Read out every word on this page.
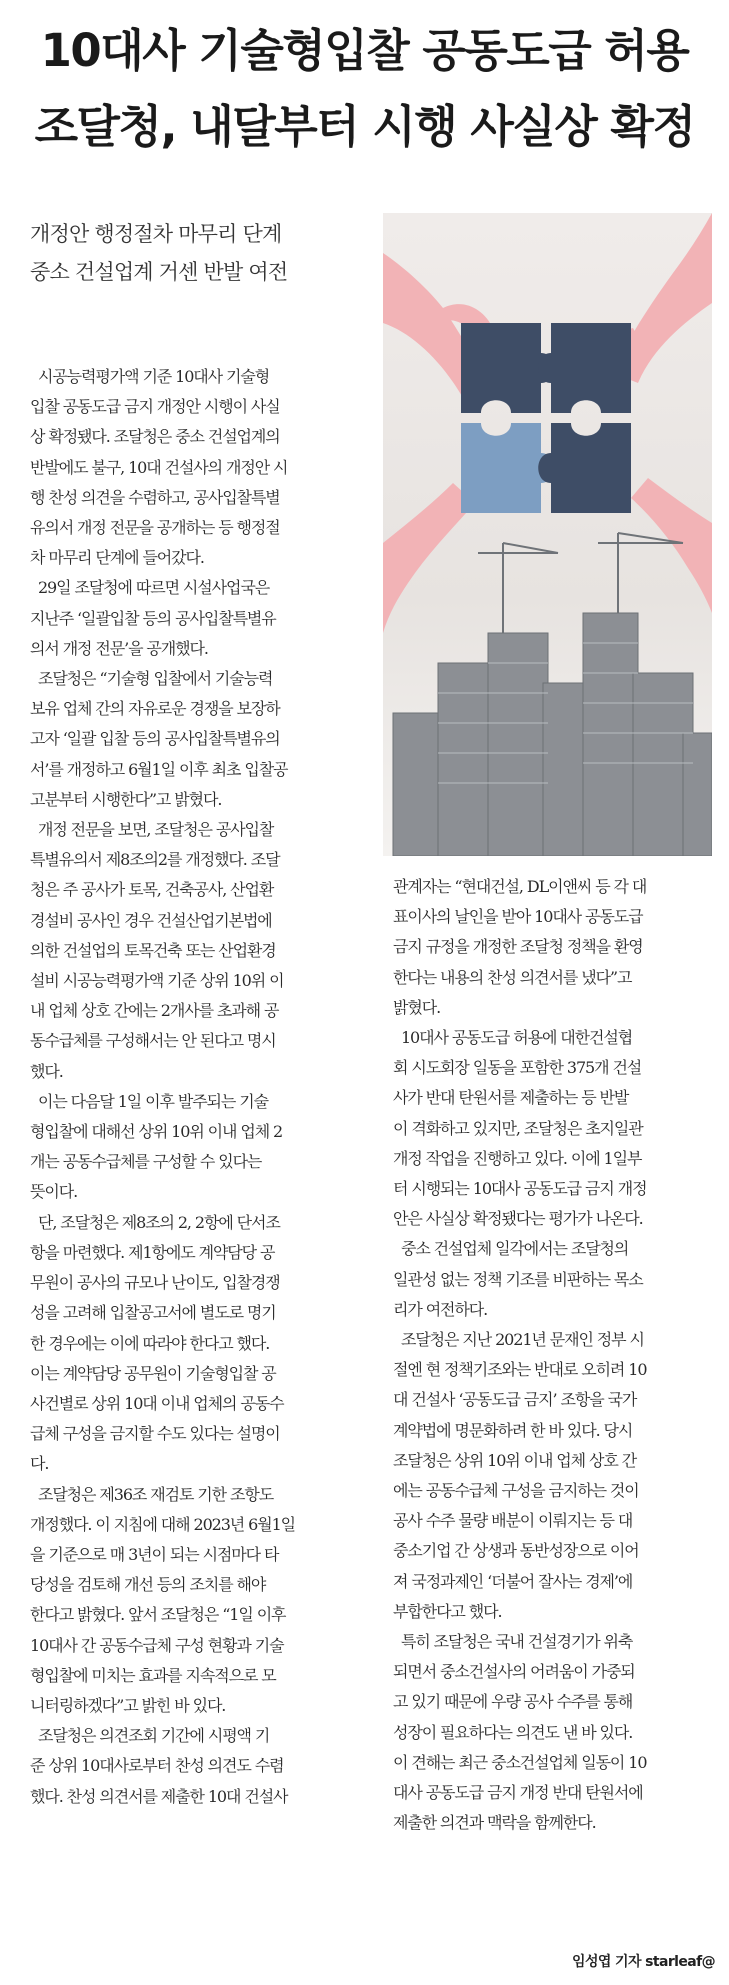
10대사 기술형입찰 공동도급 허용
조달청, 내달부터 시행 사실상 확정
개정안 행정절차 마무리 단계
중소 건설업계 거센 반발 여전

시공능력평가액 기준 10대사 기술형

입찰 공동도급 금지 개정안 시행이 사실

상 확정됐다. 조달청은 중소 건설업계의

반발에도 불구, 10대 건설사의 개정안 시

행 찬성 의견을 수렴하고, 공사입찰특별

유의서 개정 전문을 공개하는 등 행정절

차 마무리 단계에 들어갔다.

29일 조달청에 따르면 시설사업국은

지난주 ‘일괄입찰 등의 공사입찰특별유

의서 개정 전문’을 공개했다.

조달청은 “기술형 입찰에서 기술능력

보유 업체 간의 자유로운 경쟁을 보장하

고자 ‘일괄 입찰 등의 공사입찰특별유의

서’를 개정하고 6월1일 이후 최초 입찰공

고분부터 시행한다”고 밝혔다.

개정 전문을 보면, 조달청은 공사입찰

특별유의서 제8조의2를 개정했다. 조달

청은 주 공사가 토목, 건축공사, 산업환

경설비 공사인 경우 건설산업기본법에

의한 건설업의 토목건축 또는 산업환경

설비 시공능력평가액 기준 상위 10위 이

내 업체 상호 간에는 2개사를 초과해 공

동수급체를 구성해서는 안 된다고 명시

했다.

이는 다음달 1일 이후 발주되는 기술

형입찰에 대해선 상위 10위 이내 업체 2

개는 공동수급체를 구성할 수 있다는

뜻이다.

단, 조달청은 제8조의 2, 2항에 단서조

항을 마련했다. 제1항에도 계약담당 공

무원이 공사의 규모나 난이도, 입찰경쟁

성을 고려해 입찰공고서에 별도로 명기

한 경우에는 이에 따라야 한다고 했다.

이는 계약담당 공무원이 기술형입찰 공

사건별로 상위 10대 이내 업체의 공동수

급체 구성을 금지할 수도 있다는 설명이

다.

조달청은 제36조 재검토 기한 조항도

개정했다. 이 지침에 대해 2023년 6월1일

을 기준으로 매 3년이 되는 시점마다 타

당성을 검토해 개선 등의 조치를 해야

한다고 밝혔다. 앞서 조달청은 “1일 이후

10대사 간 공동수급체 구성 현황과 기술

형입찰에 미치는 효과를 지속적으로 모

니터링하겠다”고 밝힌 바 있다.

조달청은 의견조회 기간에 시평액 기

준 상위 10대사로부터 찬성 의견도 수렴

했다. 찬성 의견서를 제출한 10대 건설사

관계자는 “현대건설, DL이앤씨 등 각 대

표이사의 날인을 받아 10대사 공동도급

금지 규정을 개정한 조달청 정책을 환영

한다는 내용의 찬성 의견서를 냈다”고

밝혔다.

10대사 공동도급 허용에 대한건설협

회 시도회장 일동을 포함한 375개 건설

사가 반대 탄원서를 제출하는 등 반발

이 격화하고 있지만, 조달청은 초지일관

개정 작업을 진행하고 있다. 이에 1일부

터 시행되는 10대사 공동도급 금지 개정

안은 사실상 확정됐다는 평가가 나온다.

중소 건설업체 일각에서는 조달청의

일관성 없는 정책 기조를 비판하는 목소

리가 여전하다.

조달청은 지난 2021년 문재인 정부 시

절엔 현 정책기조와는 반대로 오히려 10

대 건설사 ‘공동도급 금지’ 조항을 국가

계약법에 명문화하려 한 바 있다. 당시

조달청은 상위 10위 이내 업체 상호 간

에는 공동수급체 구성을 금지하는 것이

공사 수주 물량 배분이 이뤄지는 등 대

중소기업 간 상생과 동반성장으로 이어

져 국정과제인 ‘더불어 잘사는 경제’에

부합한다고 했다.

특히 조달청은 국내 건설경기가 위축

되면서 중소건설사의 어려움이 가중되

고 있기 때문에 우량 공사 수주를 통해

성장이 필요하다는 의견도 낸 바 있다.

이 견해는 최근 중소건설업체 일동이 10

대사 공동도급 금지 개정 반대 탄원서에

제출한 의견과 맥락을 함께한다.

임성엽 기자 starleaf@
